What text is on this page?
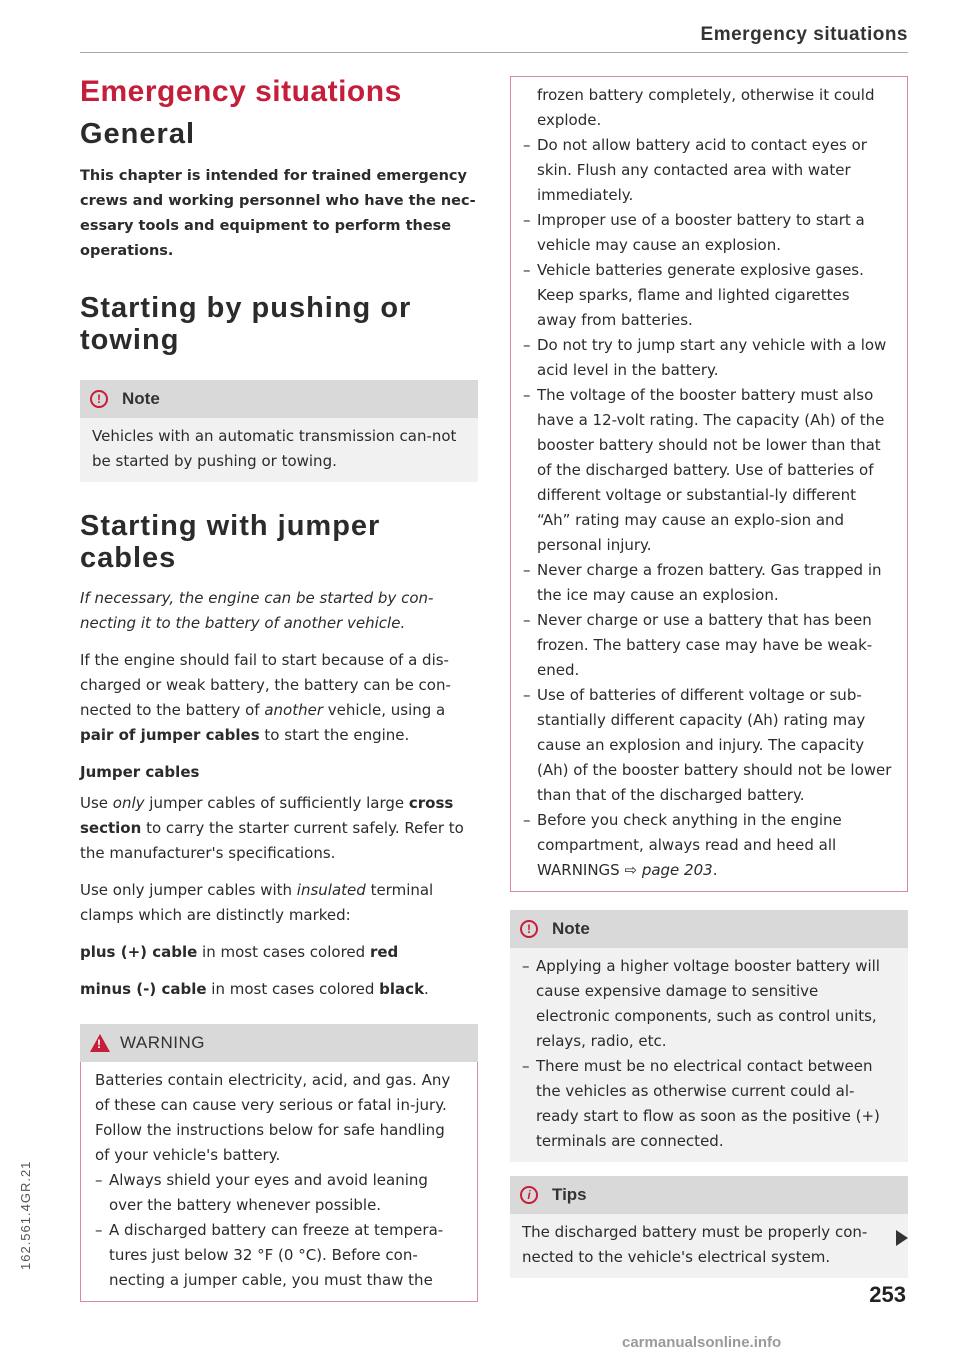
Emergency situations
Emergency situations
General
This chapter is intended for trained emergency crews and working personnel who have the nec-essary tools and equipment to perform these operations.
Starting by pushing or towing
!	Note
Vehicles with an automatic transmission can-not be started by pushing or towing.
Starting with jumper cables
If necessary, the engine can be started by con-necting it to the battery of another vehicle.
If the engine should fail to start because of a dis-charged or weak battery, the battery can be con-nected to the battery of another vehicle, using a pair of jumper cables to start the engine.
Jumper cables
Use only jumper cables of sufficiently large cross section to carry the starter current safely. Refer to the manufacturer's specifications.
Use only jumper cables with insulated terminal clamps which are distinctly marked:
plus (+) cable in most cases colored red
minus (-) cable in most cases colored black.
!
WARNING
Batteries contain electricity, acid, and gas. Any of these can cause very serious or fatal in-jury. Follow the instructions below for safe handling of your vehicle's battery.
– Always shield your eyes and avoid leaning over the battery whenever possible.
– A discharged battery can freeze at tempera-tures just below 32 °F (0 °C). Before con-necting a jumper cable, you must thaw the
frozen battery completely, otherwise it could explode.
– Do not allow battery acid to contact eyes or skin. Flush any contacted area with water immediately.
– Improper use of a booster battery to start a vehicle may cause an explosion.
– Vehicle batteries generate explosive gases. Keep sparks, flame and lighted cigarettes away from batteries.
– Do not try to jump start any vehicle with a low acid level in the battery.
– The voltage of the booster battery must also have a 12-volt rating. The capacity (Ah) of the booster battery should not be lower than that of the discharged battery. Use of batteries of different voltage or substantial-ly different “Ah” rating may cause an explo-sion and personal injury.
– Never charge a frozen battery. Gas trapped in the ice may cause an explosion.
– Never charge or use a battery that has been frozen. The battery case may have be weak-ened.
– Use of batteries of different voltage or sub-stantially different capacity (Ah) rating may cause an explosion and injury. The capacity (Ah) of the booster battery should not be lower than that of the discharged battery.
– Before you check anything in the engine compartment, always read and heed all WARNINGS ⇨ page 203.
!	Note
– Applying a higher voltage booster battery will cause expensive damage to sensitive electronic components, such as control units, relays, radio, etc.
– There must be no electrical contact between the vehicles as otherwise current could al-ready start to flow as soon as the positive (+) terminals are connected.
i	Tips
The discharged battery must be properly con-nected to the vehicle's electrical system.
253
162.561.4GR.21
carmanualsonline.info
